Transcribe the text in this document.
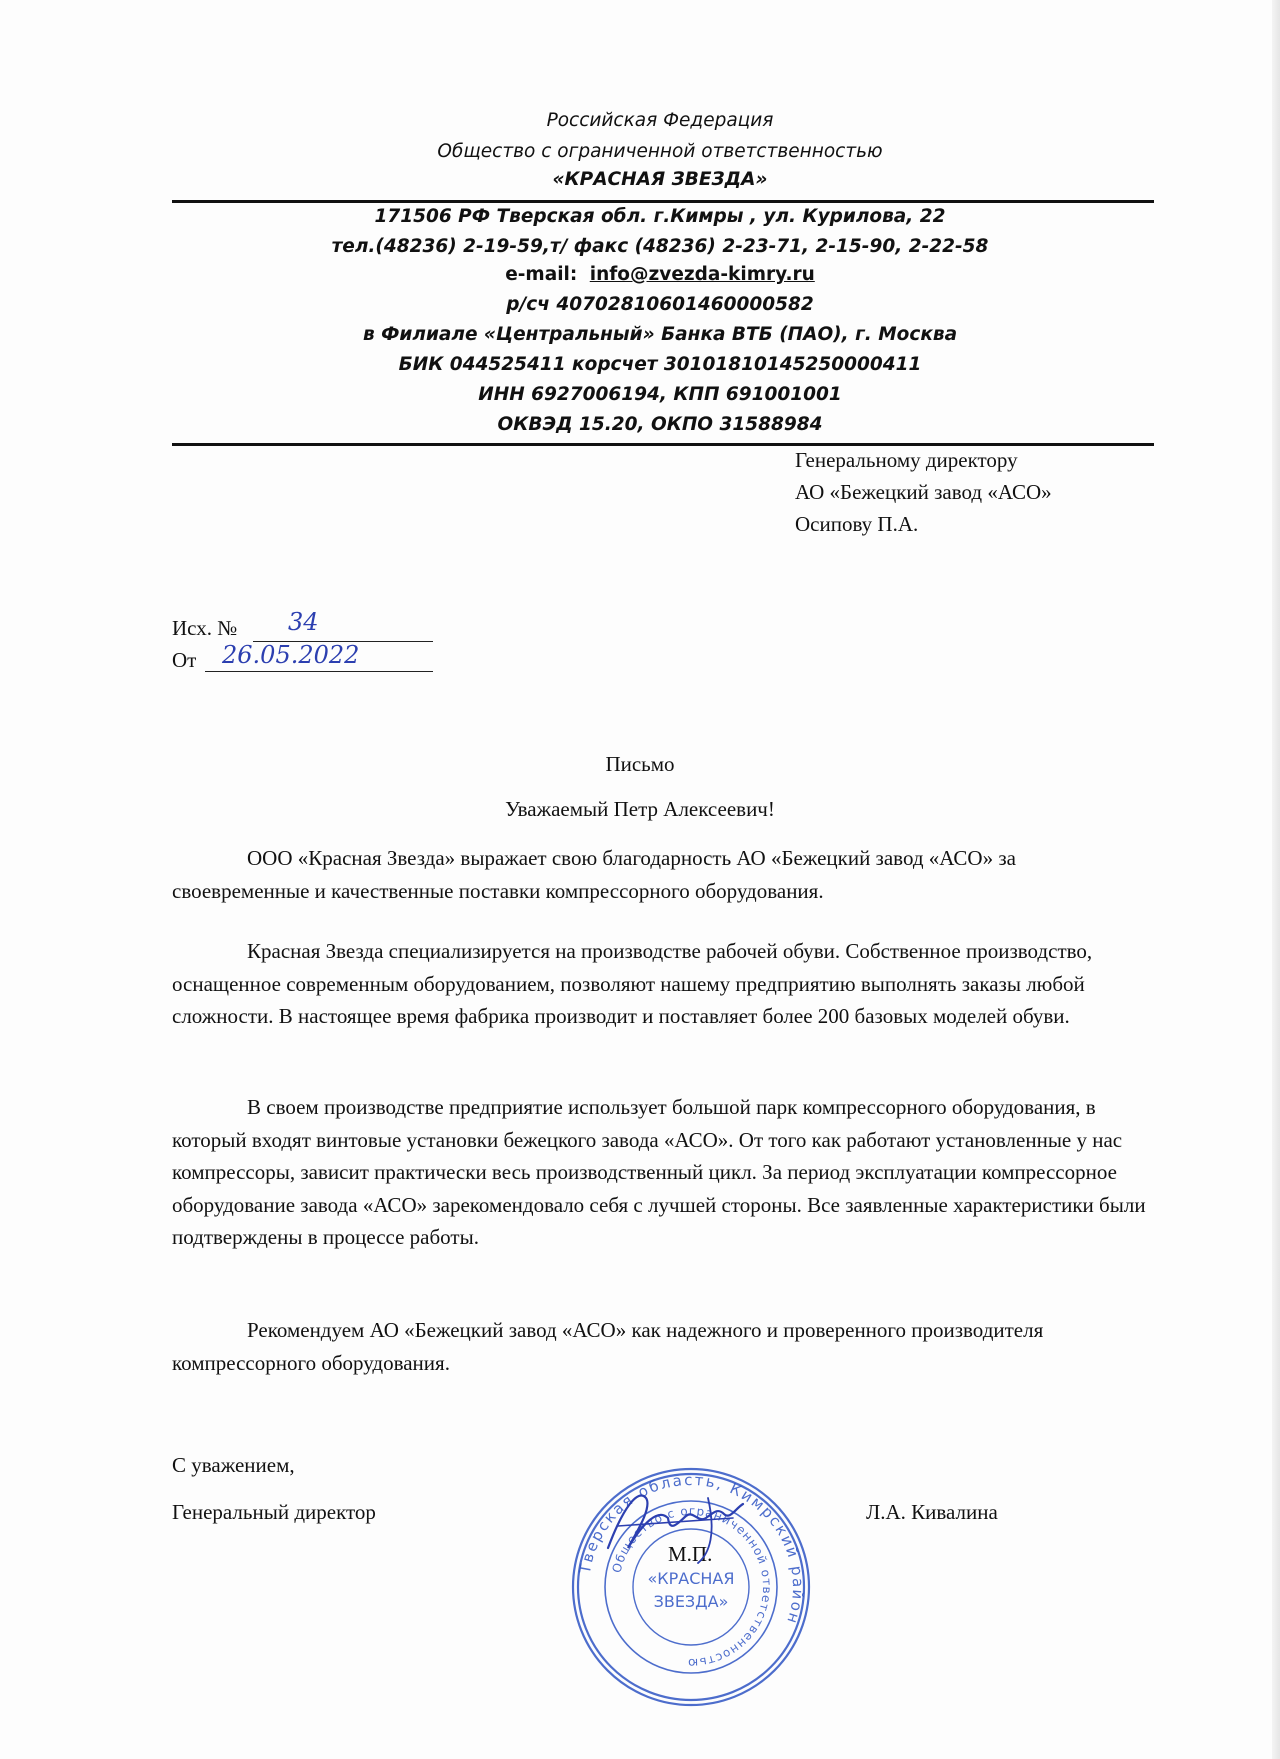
Российская Федерация
Общество с ограниченной ответственностью
«КРАСНАЯ ЗВЕЗДА»
171506 РФ Тверская обл. г.Кимры , ул. Курилова, 22
тел.(48236) 2-19-59,т/ факс (48236) 2-23-71, 2-15-90, 2-22-58
e-mail: info@zvezda-kimry.ru
р/сч 40702810601460000582
в Филиале «Центральный» Банка ВТБ (ПАО), г. Москва
БИК 044525411 корсчет 30101810145250000411
ИНН 6927006194, КПП 691001001
ОКВЭД 15.20, ОКПО 31588984
Генеральному директору
АО «Бежецкий завод «АСО»
Осипову П.А.
Исх. № 34
От 26.05.2022
Письмо
Уважаемый Петр Алексеевич!

ООО «Красная Звезда» выражает свою благодарность АО «Бежецкий завод «АСО» за своевременные и качественные поставки компрессорного оборудования.

Красная Звезда специализируется на производстве рабочей обуви. Собственное производство, оснащенное современным оборудованием, позволяют нашему предприятию выполнять заказы любой сложности. В настоящее время фабрика производит и поставляет более 200 базовых моделей обуви.

В своем производстве предприятие использует большой парк компрессорного оборудования, в который входят винтовые установки бежецкого завода «АСО». От того как работают установленные у нас компрессоры, зависит практически весь производственный цикл. За период эксплуатации компрессорное оборудование завода «АСО» зарекомендовало себя с лучшей стороны. Все заявленные характеристики были подтверждены в процессе работы.

Рекомендуем АО «Бежецкий завод «АСО» как надежного и проверенного производителя компрессорного оборудования.

С уважением,
Генеральный директор	Л.А. Кивалина
Тверская область, Кимрский район
Общество с ограниченной ответственностью
«КРАСНАЯ
ЗВЕЗДА»
М.П.
